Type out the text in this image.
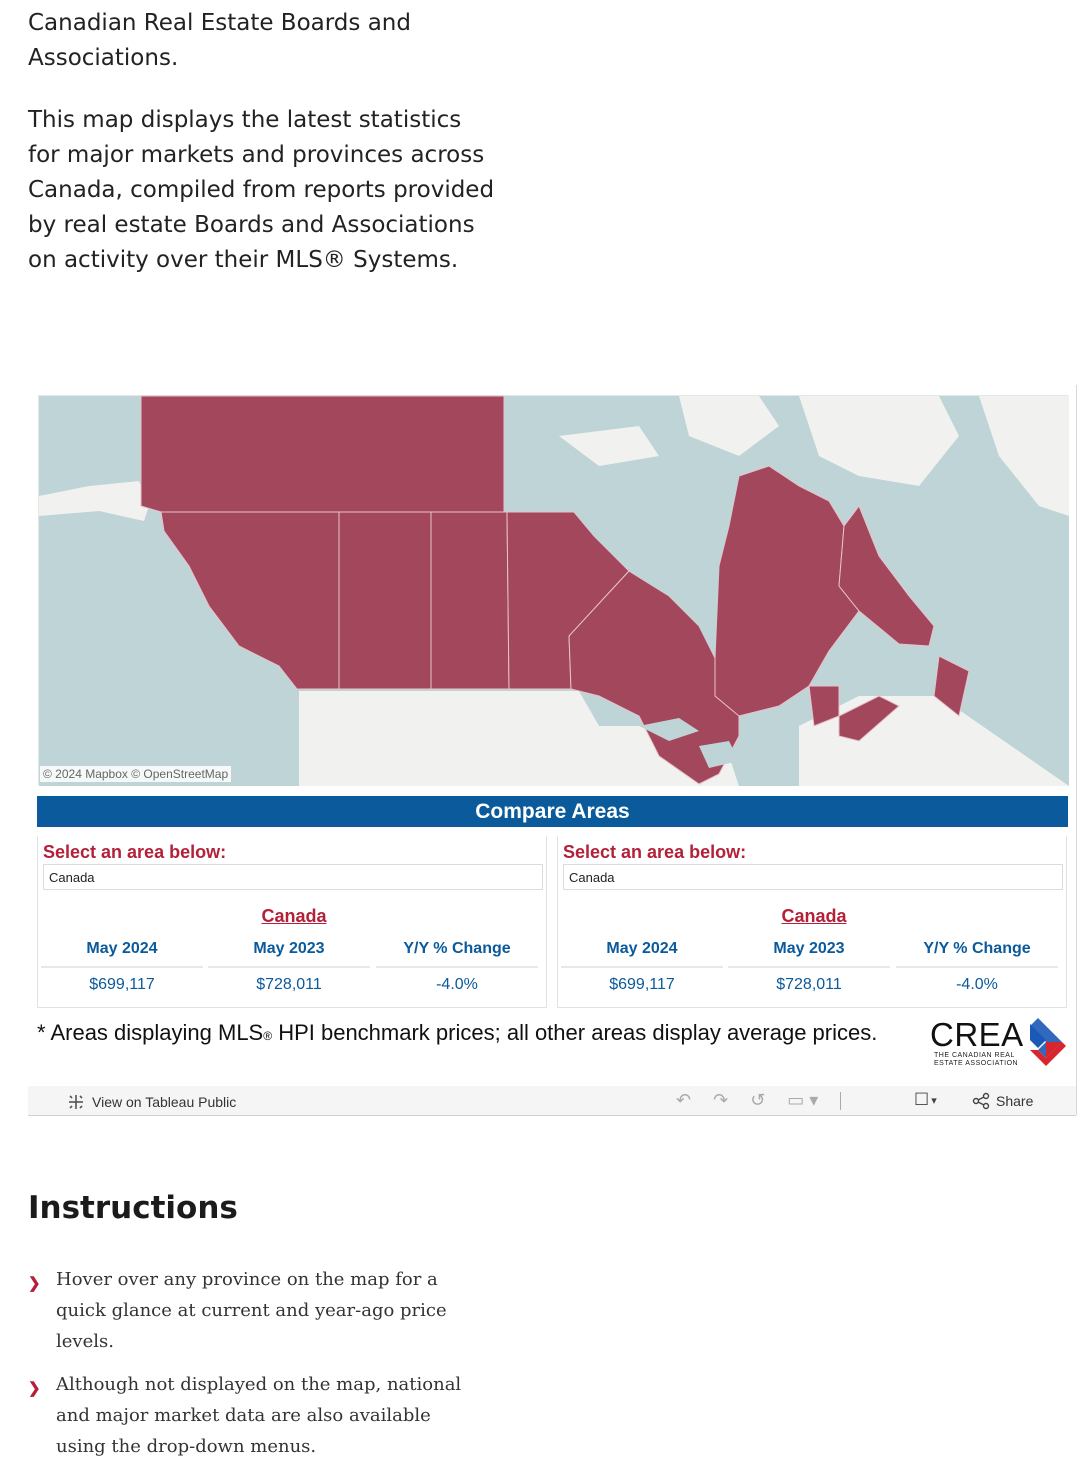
Canadian Real Estate Boards and Associations.

This map displays the latest statistics for major markets and provinces across Canada, compiled from reports provided by real estate Boards and Associations on activity over their MLS® Systems.

© 2024 Mapbox © OpenStreetMap
Compare Areas
Select an area below:
Canada
Canada
May 2024	May 2023	Y/Y % Change
$699,117	$728,011	-4.0%
Select an area below:
Canada
Canada
May 2024	May 2023	Y/Y % Change
$699,117	$728,011	-4.0%
* Areas displaying MLS® HPI benchmark prices; all other areas display average prices.	CREA
THE CANADIAN REAL ESTATE ASSOCIATION
View on Tableau Public	↶ ↷ ↺ ▭ ▾	☐ ▾	Share
Instructions
❯ Hover over any province on the map for a quick glance at current and year-ago price levels.
❯ Although not displayed on the map, national and major market data are also available using the drop-down menus.
